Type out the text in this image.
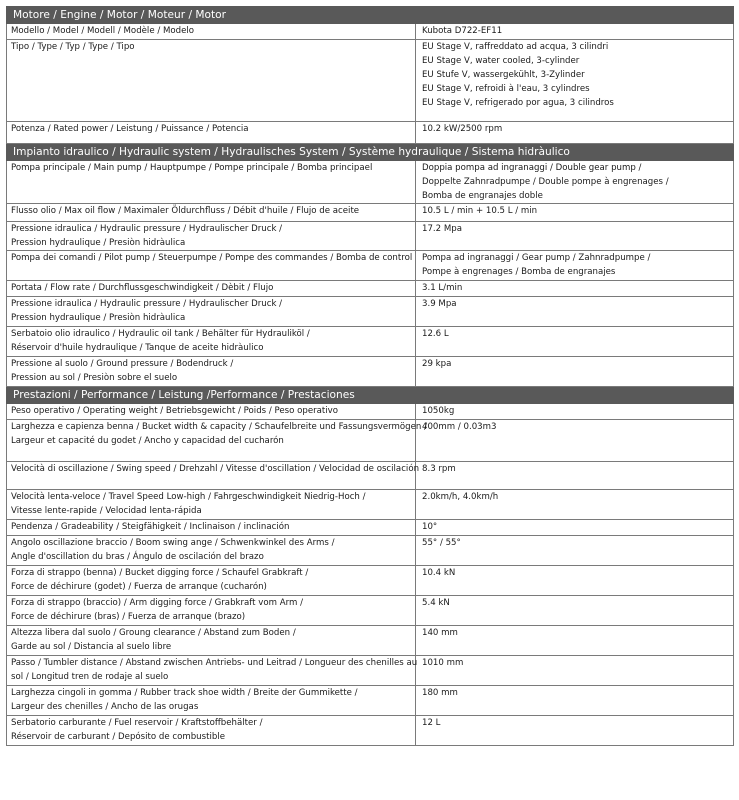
Motore / Engine / Motor / Moteur / Motor	

Modello / Model / Modell / Modèle / Modelo	Kubota D722-EF11

Tipo / Type / Typ / Type / Tipo	EU Stage V, raffreddato ad acqua, 3 cilindri
EU Stage V, water cooled, 3-cylinder
EU Stufe V, wassergekühlt, 3-Zylinder
EU Stage V, refroidi à l'eau, 3 cylindres
EU Stage V, refrigerado por agua, 3 cilindros

Potenza / Rated power / Leistung / Puissance / Potencia	10.2 kW/2500 rpm

Impianto idraulico / Hydraulic system / Hydraulisches System / Système hydraulique / Sistema hidràulico	

Pompa principale / Main pump / Hauptpumpe / Pompe principale / Bomba principael	Doppia pompa ad ingranaggi / Double gear pump /
Doppelte Zahnradpumpe / Double pompe à engrenages /
Bomba de engranajes doble

Flusso olio / Max oil flow / Maximaler Öldurchfluss / Débit d'huile / Flujo de aceite	10.5 L / min + 10.5 L / min

Pressione idraulica / Hydraulic pressure / Hydraulischer Druck /
Pression hydraulique / Presiòn hidràulica	17.2 Mpa

Pompa dei comandi / Pilot pump / Steuerpumpe / Pompe des commandes / Bomba de control	Pompa ad ingranaggi / Gear pump / Zahnradpumpe /
Pompe à engrenages / Bomba de engranajes

Portata / Flow rate / Durchflussgeschwindigkeit / Dèbit / Flujo	3.1 L/min

Pressione idraulica / Hydraulic pressure / Hydraulischer Druck /
Pression hydraulique / Presiòn hidràulica	3.9 Mpa

Serbatoio olio idraulico / Hydraulic oil tank / Behälter für Hydrauliköl /
Réservoir d'huile hydraulique / Tanque de aceite hidràulico	12.6 L

Pressione al suolo / Ground pressure / Bodendruck /
Pression au sol / Presiòn sobre el suelo	29 kpa

Prestazioni / Performance / Leistung /Performance / Prestaciones	

Peso operativo / Operating weight / Betriebsgewicht / Poids / Peso operativo	1050kg

Larghezza e capienza benna / Bucket width & capacity / Schaufelbreite und Fassungsvermögen /
Largeur et capacité du godet / Ancho y capacidad del cucharón	400mm / 0.03m3

Velocità di oscillazione / Swing speed / Drehzahl / Vitesse d'oscillation / Velocidad de oscilación	8.3 rpm

Velocità lenta-veloce / Travel Speed Low-high / Fahrgeschwindigkeit Niedrig-Hoch /
Vitesse lente-rapide / Velocidad lenta-rápida	2.0km/h, 4.0km/h

Pendenza / Gradeability / Steigfähigkeit / Inclinaison / inclinación	10°

Angolo oscillazione braccio / Boom swing ange / Schwenkwinkel des Arms /
Angle d'oscillation du bras / Ángulo de oscilación del brazo	55° / 55°

Forza di strappo (benna) / Bucket digging force / Schaufel Grabkraft /
Force de déchirure (godet) / Fuerza de arranque (cucharón)	10.4 kN

Forza di strappo (braccio) / Arm digging force / Grabkraft vom Arm /
Force de déchirure (bras) / Fuerza de arranque (brazo)	5.4 kN

Altezza libera dal suolo / Groung clearance / Abstand zum Boden /
Garde au sol / Distancia al suelo libre	140 mm

Passo / Tumbler distance / Abstand zwischen Antriebs- und Leitrad / Longueur des chenilles au
sol / Longitud tren de rodaje al suelo	1010 mm

Larghezza cingoli in gomma / Rubber track shoe width / Breite der Gummikette /
Largeur des chenilles / Ancho de las orugas	180 mm

Serbatorio carburante / Fuel reservoir / Kraftstoffbehälter /
Réservoir de carburant / Depósito de combustible	12 L
